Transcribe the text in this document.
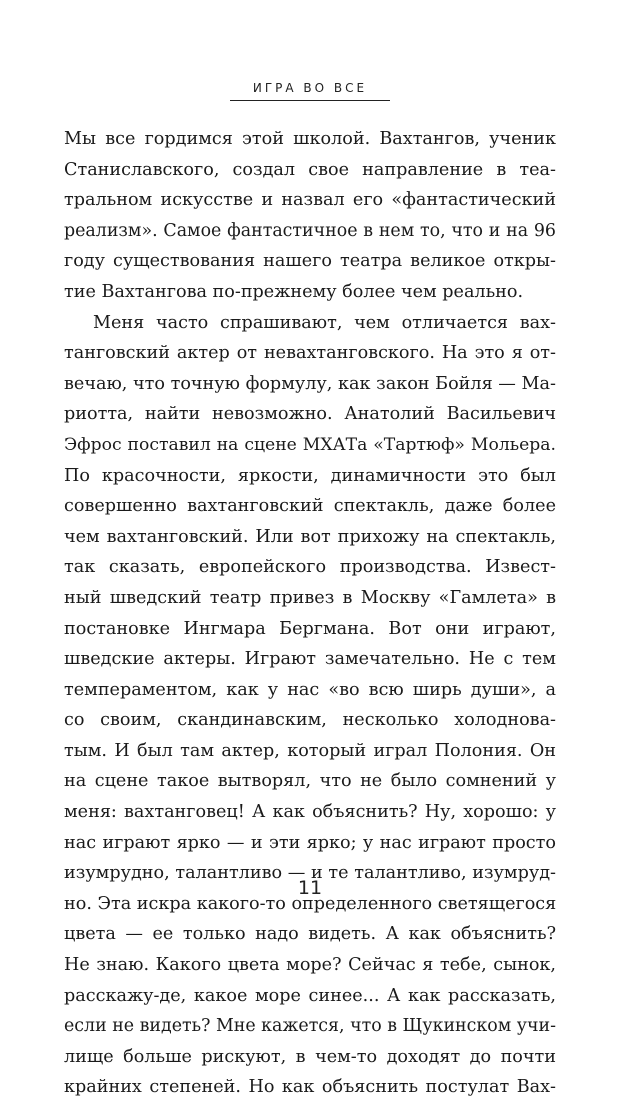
ИГРА ВО ВСЕ
Мы все гордимся этой школой. Вахтангов, ученик
Станиславского, создал свое направление в теа-
тральном искусстве и назвал его «фантастический
реализм». Самое фантастичное в нем то, что и на 96
году существования нашего театра великое откры-
тие Вахтангова по-прежнему более чем реально.
Меня часто спрашивают, чем отличается вах-
танговский актер от невахтанговского. На это я от-
вечаю, что точную формулу, как закон Бойля — Ма-
риотта, найти невозможно. Анатолий Васильевич
Эфрос поставил на сцене МХАТа «Тартюф» Мольера.
По красочности, яркости, динамичности это был
совершенно вахтанговский спектакль, даже более
чем вахтанговский. Или вот прихожу на спектакль,
так сказать, европейского производства. Извест-
ный шведский театр привез в Москву «Гамлета» в
постановке Ингмара Бергмана. Вот они играют,
шведские актеры. Играют замечательно. Не с тем
темпераментом, как у нас «во всю ширь души», а
со своим, скандинавским, несколько холоднова-
тым. И был там актер, который играл Полония. Он
на сцене такое вытворял, что не было сомнений у
меня: вахтанговец! А как объяснить? Ну, хорошо: у
нас играют ярко — и эти ярко; у нас играют просто
изумрудно, талантливо — и те талантливо, изумруд-
но. Эта искра какого-то определенного светящегося
цвета — ее только надо видеть. А как объяснить?
Не знаю. Какого цвета море? Сейчас я тебе, сынок,
расскажу-де, какое море синее... А как рассказать,
если не видеть? Мне кажется, что в Щукинском учи-
лище больше рискуют, в чем-то доходят до почти
крайних степеней. Но как объяснить постулат Вах-
11
